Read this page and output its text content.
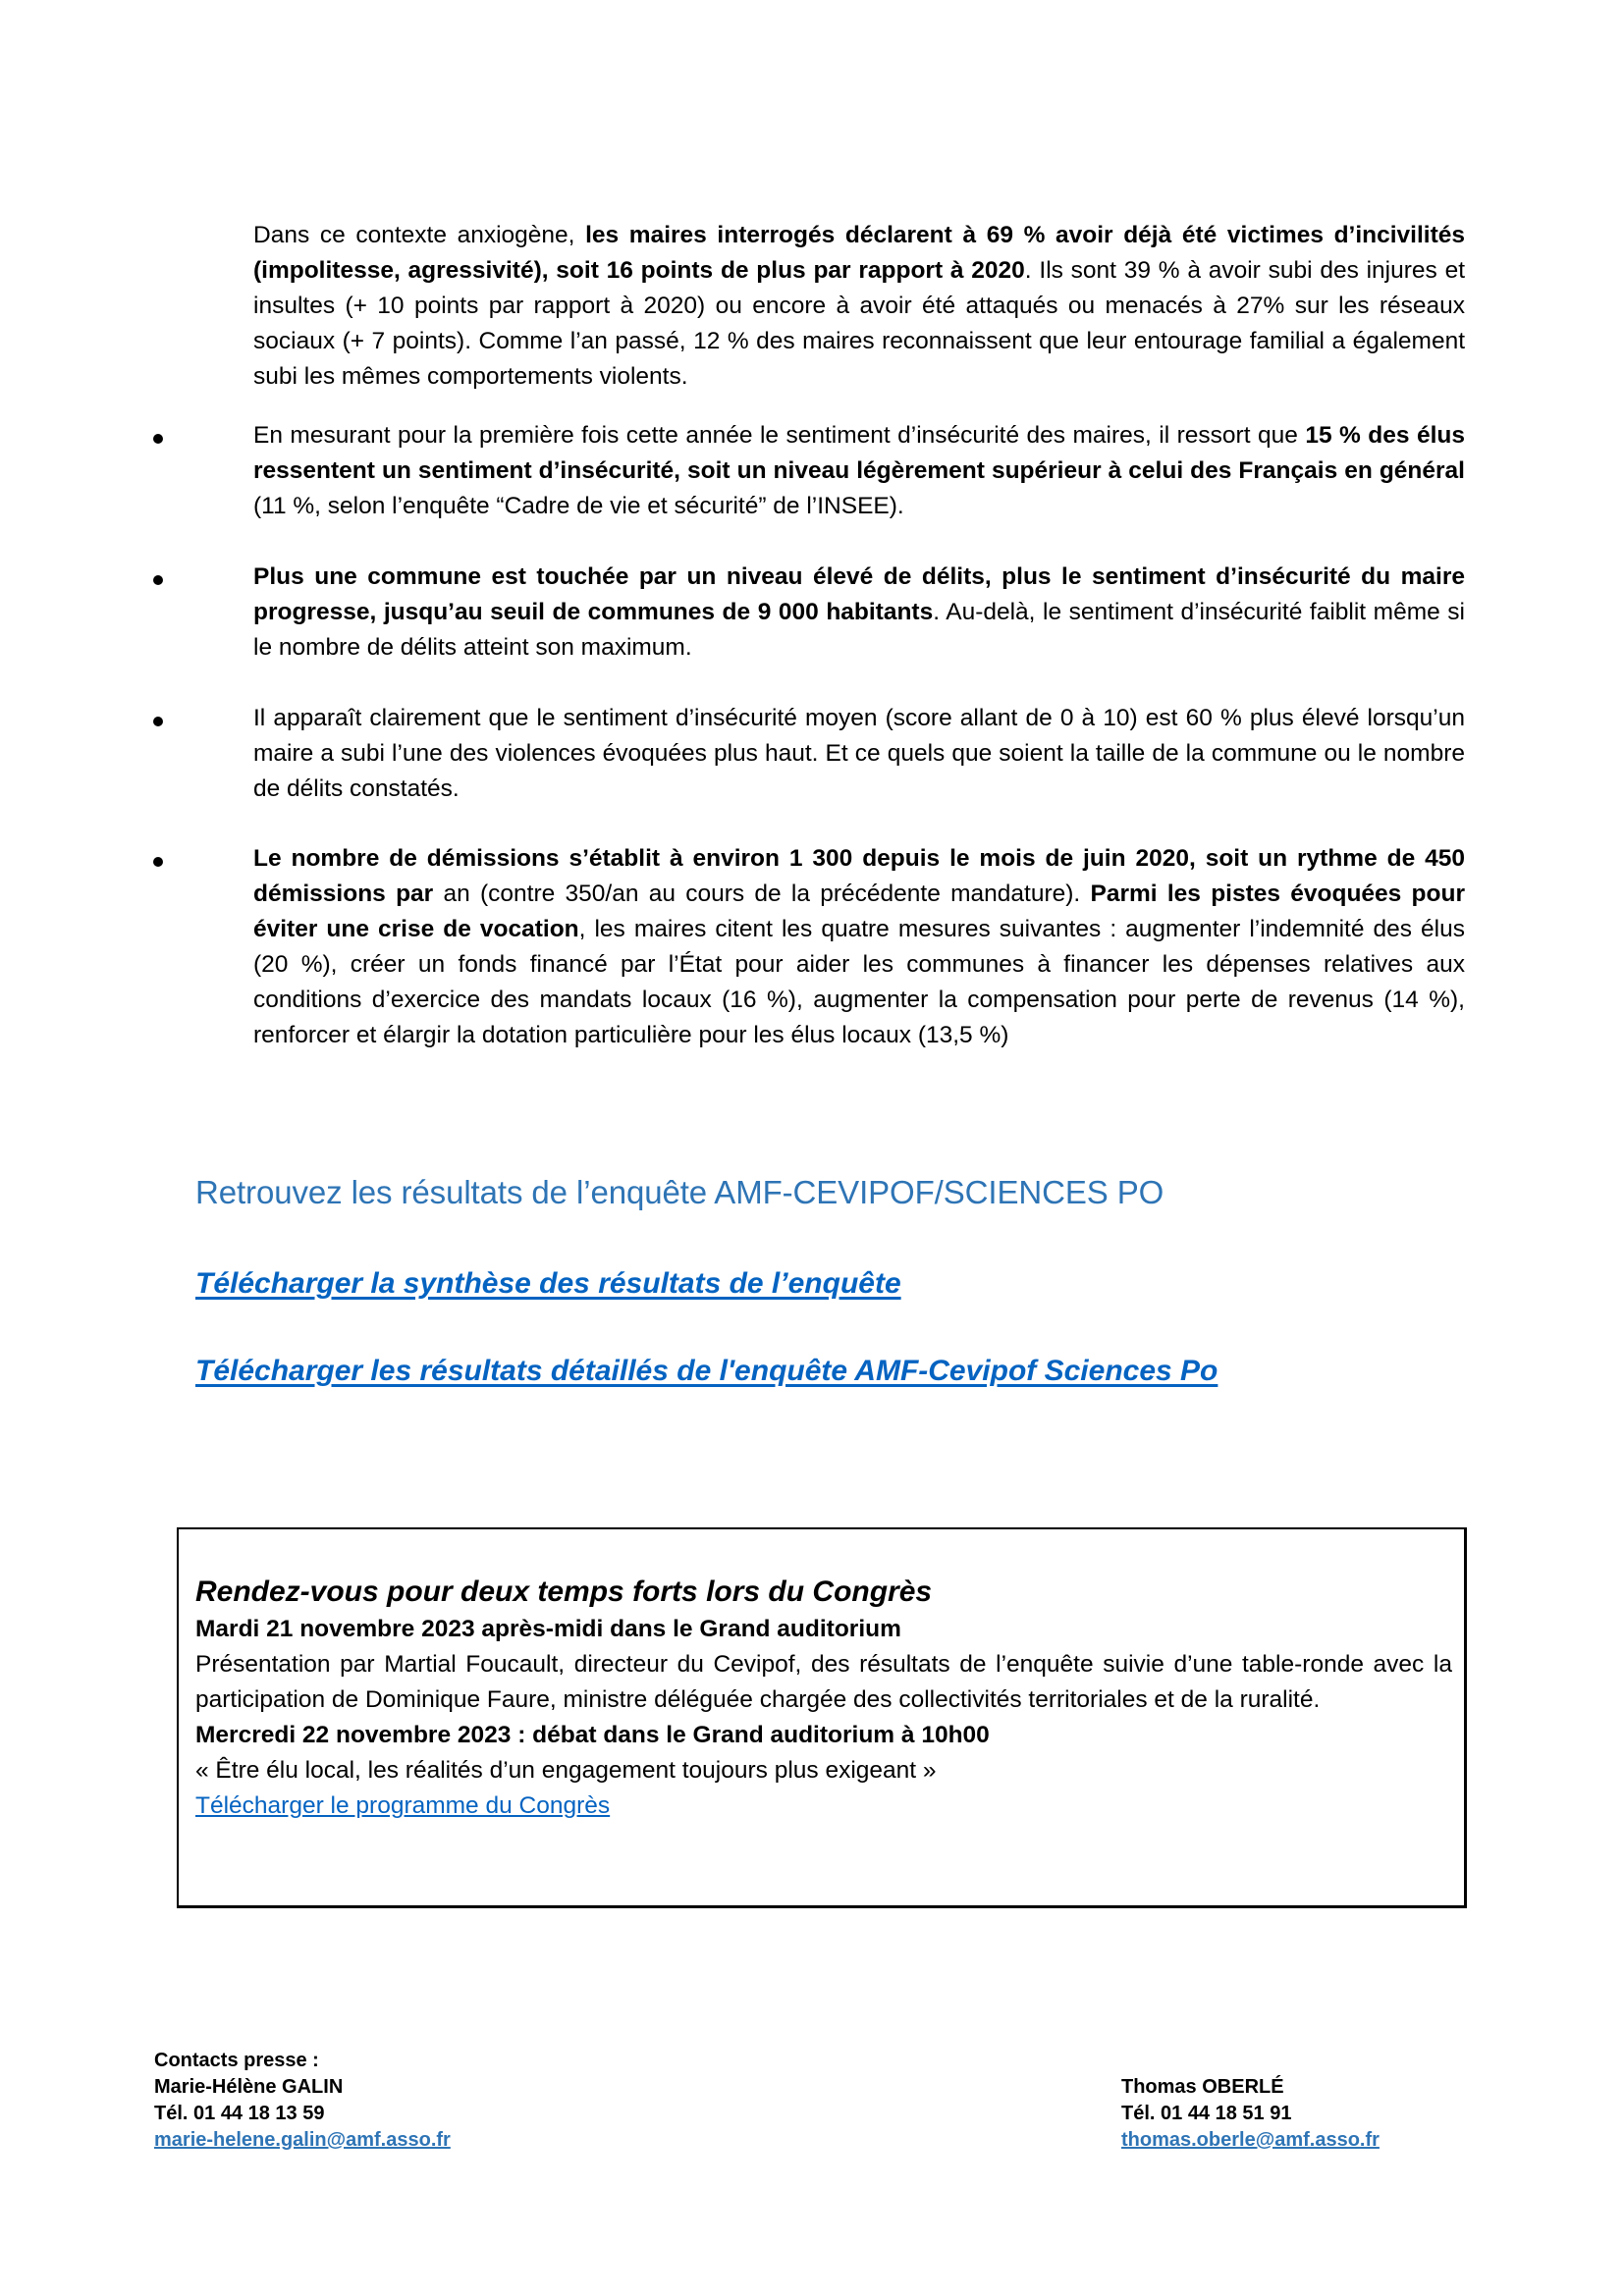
Dans ce contexte anxiogène, les maires interrogés déclarent à 69 % avoir déjà été victimes d’incivilités (impolitesse, agressivité), soit 16 points de plus par rapport à 2020. Ils sont 39 % à avoir subi des injures et insultes (+ 10 points par rapport à 2020) ou encore à avoir été attaqués ou menacés à 27% sur les réseaux sociaux (+ 7 points). Comme l’an passé, 12 % des maires reconnaissent que leur entourage familial a également subi les mêmes comportements violents.
En mesurant pour la première fois cette année le sentiment d’insécurité des maires, il ressort que 15 % des élus ressentent un sentiment d’insécurité, soit un niveau légèrement supérieur à celui des Français en général (11 %, selon l’enquête “Cadre de vie et sécurité” de l’INSEE).
Plus une commune est touchée par un niveau élevé de délits, plus le sentiment d’insécurité du maire progresse, jusqu’au seuil de communes de 9 000 habitants. Au-delà, le sentiment d’insécurité faiblit même si le nombre de délits atteint son maximum.
Il apparaît clairement que le sentiment d’insécurité moyen (score allant de 0 à 10) est 60 % plus élevé lorsqu’un maire a subi l’une des violences évoquées plus haut. Et ce quels que soient la taille de la commune ou le nombre de délits constatés.
Le nombre de démissions s’établit à environ 1 300 depuis le mois de juin 2020, soit un rythme de 450 démissions par an (contre 350/an au cours de la précédente mandature). Parmi les pistes évoquées pour éviter une crise de vocation, les maires citent les quatre mesures suivantes : augmenter l’indemnité des élus (20 %), créer un fonds financé par l’État pour aider les communes à financer les dépenses relatives aux conditions d’exercice des mandats locaux (16 %), augmenter la compensation pour perte de revenus (14 %), renforcer et élargir la dotation particulière pour les élus locaux (13,5 %)
Retrouvez les résultats de l’enquête AMF-CEVIPOF/SCIENCES PO
Télécharger la synthèse des résultats de l’enquête
Télécharger les résultats détaillés de l'enquête AMF-Cevipof Sciences Po
Rendez-vous pour deux temps forts lors du Congrès
Mardi 21 novembre 2023 après-midi dans le Grand auditorium
Présentation par Martial Foucault, directeur du Cevipof, des résultats de l’enquête suivie d’une table-ronde avec la participation de Dominique Faure, ministre déléguée chargée des collectivités territoriales et de la ruralité.
Mercredi 22 novembre 2023 : débat dans le Grand auditorium à 10h00
« Être élu local, les réalités d’un engagement toujours plus exigeant »
Télécharger le programme du Congrès
Contacts presse :
Marie-Hélène GALIN
Tél. 01 44 18 13 59
marie-helene.galin@amf.asso.fr
Thomas OBERLÉ
Tél. 01 44 18 51 91
thomas.oberle@amf.asso.fr
